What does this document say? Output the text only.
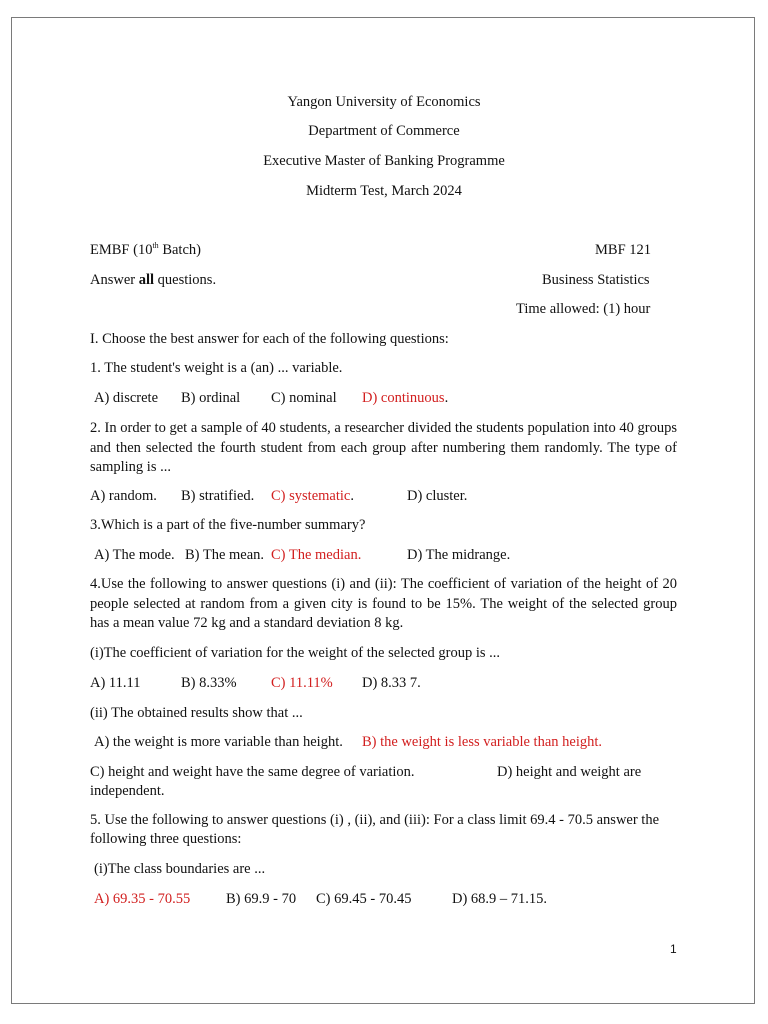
Yangon University of Economics
Department of Commerce
Executive Master of Banking Programme
Midterm Test, March 2024
EMBF (10th Batch)	MBF 121
Answer all questions.	Business Statistics
Time allowed: (1) hour
I. Choose the best answer for each of the following questions:
1. The student's weight is a (an) ... variable.
A) discrete B) ordinal C) nominal D) continuous.
2. In order to get a sample of 40 students, a researcher divided the students population into 40 groups and then selected the fourth student from each group after numbering them randomly. The type of sampling is ...
A) random. B) stratified. C) systematic.	D) cluster.
3.Which is a part of the five-number summary?
A) The mode. B) The mean. C) The median.	D) The midrange.
4.Use the following to answer questions (i) and (ii): The coefficient of variation of the height of 20 people selected at random from a given city is found to be 15%. The weight of the selected group has a mean value 72 kg and a standard deviation 8 kg.
(i)The coefficient of variation for the weight of the selected group is ...
A) 11.11	B) 8.33% C) 11.11% D) 8.33 7.
(ii) The obtained results show that ...
A) the weight is more variable than height. B) the weight is less variable than height.
C) height and weight have the same degree of variation.	D) height and weight are independent.
5. Use the following to answer questions (i) , (ii), and (iii): For a class limit 69.4 - 70.5 answer the following three questions:
(i)The class boundaries are ...
A) 69.35 - 70.55 B) 69.9 - 70 C) 69.45 - 70.45	D) 68.9 – 71.15.
1
